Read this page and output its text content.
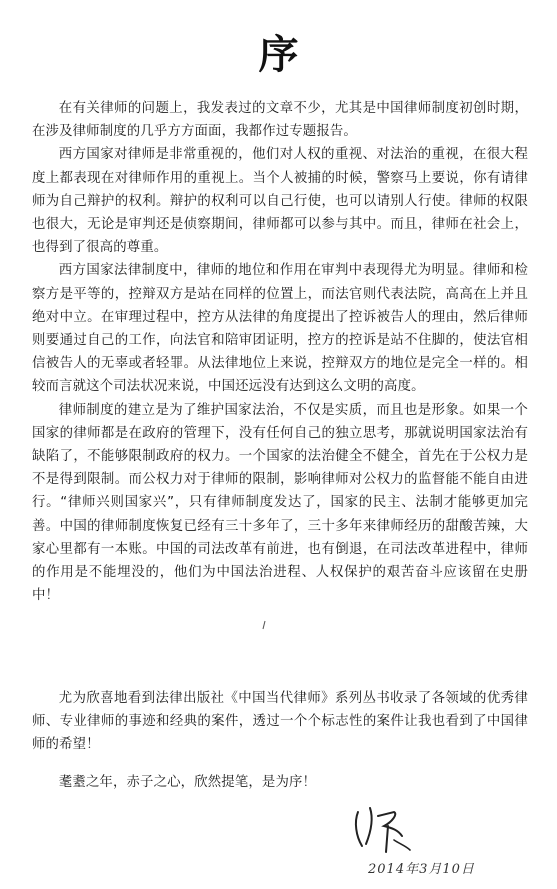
序

在有关律师的问题上，我发表过的文章不少，尤其是中国律师制度初创时期，在涉及律师制度的几乎方方面面，我都作过专题报告。

西方国家对律师是非常重视的，他们对人权的重视、对法治的重视，在很大程度上都表现在对律师作用的重视上。当个人被捕的时候，警察马上要说，你有请律师为自己辩护的权利。辩护的权利可以自己行使，也可以请别人行使。律师的权限也很大，无论是审判还是侦察期间，律师都可以参与其中。而且，律师在社会上，也得到了很高的尊重。

西方国家法律制度中，律师的地位和作用在审判中表现得尤为明显。律师和检察方是平等的，控辩双方是站在同样的位置上，而法官则代表法院，高高在上并且绝对中立。在审理过程中，控方从法律的角度提出了控诉被告人的理由，然后律师则要通过自己的工作，向法官和陪审团证明，控方的控诉是站不住脚的，使法官相信被告人的无辜或者轻罪。从法律地位上来说，控辩双方的地位是完全一样的。相较而言就这个司法状况来说，中国还远没有达到这么文明的高度。

律师制度的建立是为了维护国家法治，不仅是实质，而且也是形象。如果一个国家的律师都是在政府的管理下，没有任何自己的独立思考，那就说明国家法治有缺陷了，不能够限制政府的权力。一个国家的法治健全不健全，首先在于公权力是不是得到限制。而公权力对于律师的限制，影响律师对公权力的监督能不能自由进行。“律师兴则国家兴”，只有律师制度发达了，国家的民主、法制才能够更加完善。中国的律师制度恢复已经有三十多年了，三十多年来律师经历的甜酸苦辣，大家心里都有一本账。中国的司法改革有前进，也有倒退，在司法改革进程中，律师的作用是不能埋没的，他们为中国法治进程、人权保护的艰苦奋斗应该留在史册中！

尤为欣喜地看到法律出版社《中国当代律师》系列丛书收录了各领域的优秀律师、专业律师的事迹和经典的案件，透过一个个标志性的案件让我也看到了中国律师的希望！

耄耋之年，赤子之心，欣然提笔，是为序！

2014年3月10日
